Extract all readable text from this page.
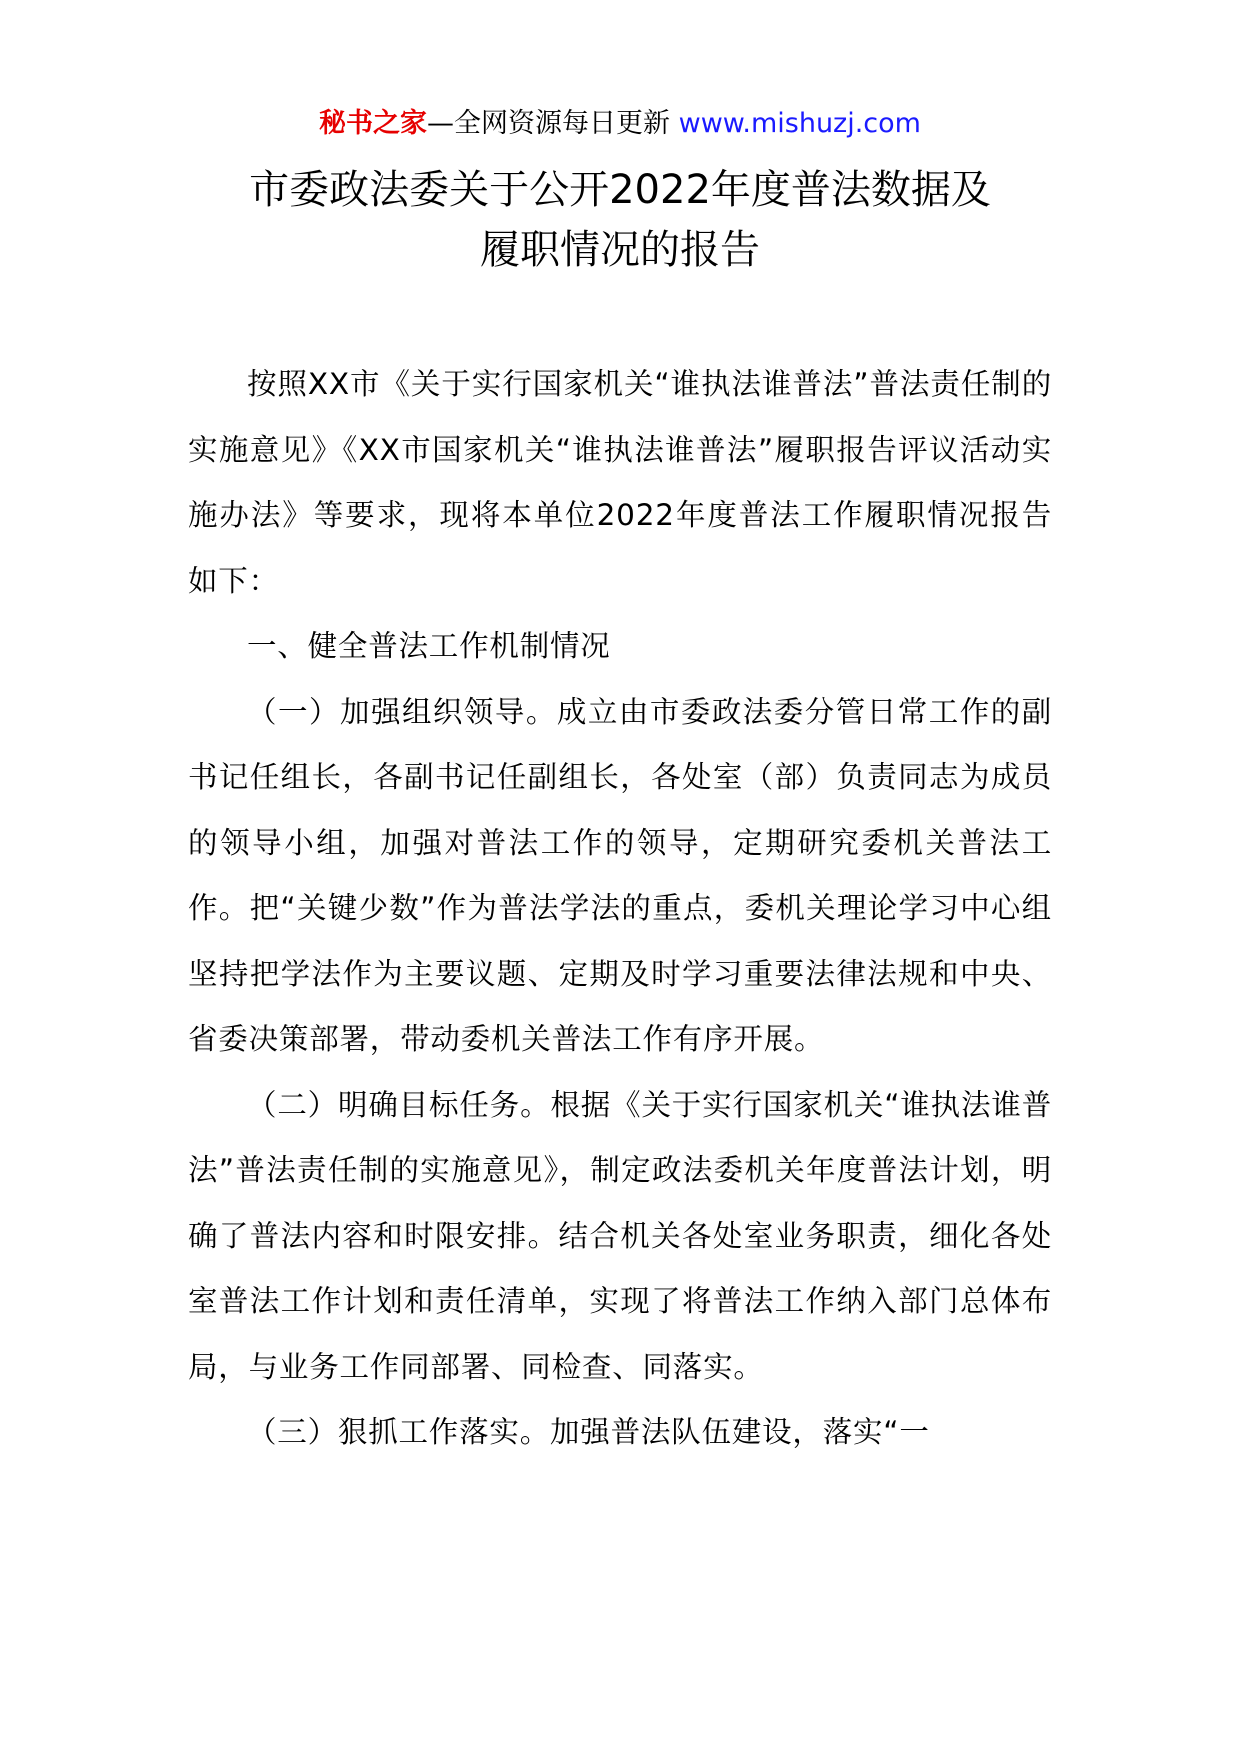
秘书之家—全网资源每日更新 www.mishuzj.com
市委政法委关于公开2022年度普法数据及
履职情况的报告

按照XX市《关于实行国家机关“谁执法谁普法”普法责任制的实施意见》《XX市国家机关“谁执法谁普法”履职报告评议活动实施办法》等要求，现将本单位2022年度普法工作履职情况报告如下：

一、健全普法工作机制情况

（一）加强组织领导。成立由市委政法委分管日常工作的副书记任组长，各副书记任副组长，各处室（部）负责同志为成员的领导小组，加强对普法工作的领导，定期研究委机关普法工作。把“关键少数”作为普法学法的重点，委机关理论学习中心组坚持把学法作为主要议题、定期及时学习重要法律法规和中央、省委决策部署，带动委机关普法工作有序开展。

（二）明确目标任务。根据《关于实行国家机关“谁执法谁普法”普法责任制的实施意见》，制定政法委机关年度普法计划，明确了普法内容和时限安排。结合机关各处室业务职责，细化各处室普法工作计划和责任清单，实现了将普法工作纳入部门总体布局，与业务工作同部署、同检查、同落实。

（三）狠抓工作落实。加强普法队伍建设，落实“一
